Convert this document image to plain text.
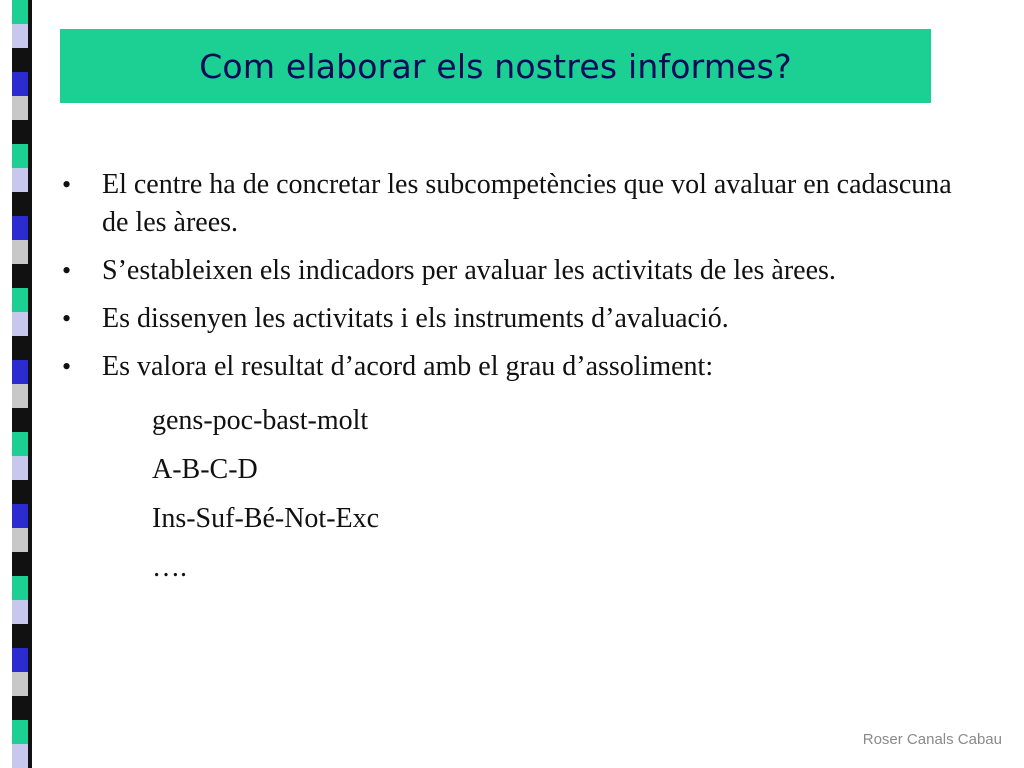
Com elaborar els nostres informes?
•	El centre ha de concretar les subcompetències que vol avaluar en cadascuna de les àrees.
•	S’estableixen els indicadors per avaluar les activitats de les àrees.
•	Es dissenyen les activitats i els instruments d’avaluació.
•	Es valora el resultat d’acord amb el grau d’assoliment:
gens-poc-bast-molt
A-B-C-D
Ins-Suf-Bé-Not-Exc
….
Roser Canals Cabau
